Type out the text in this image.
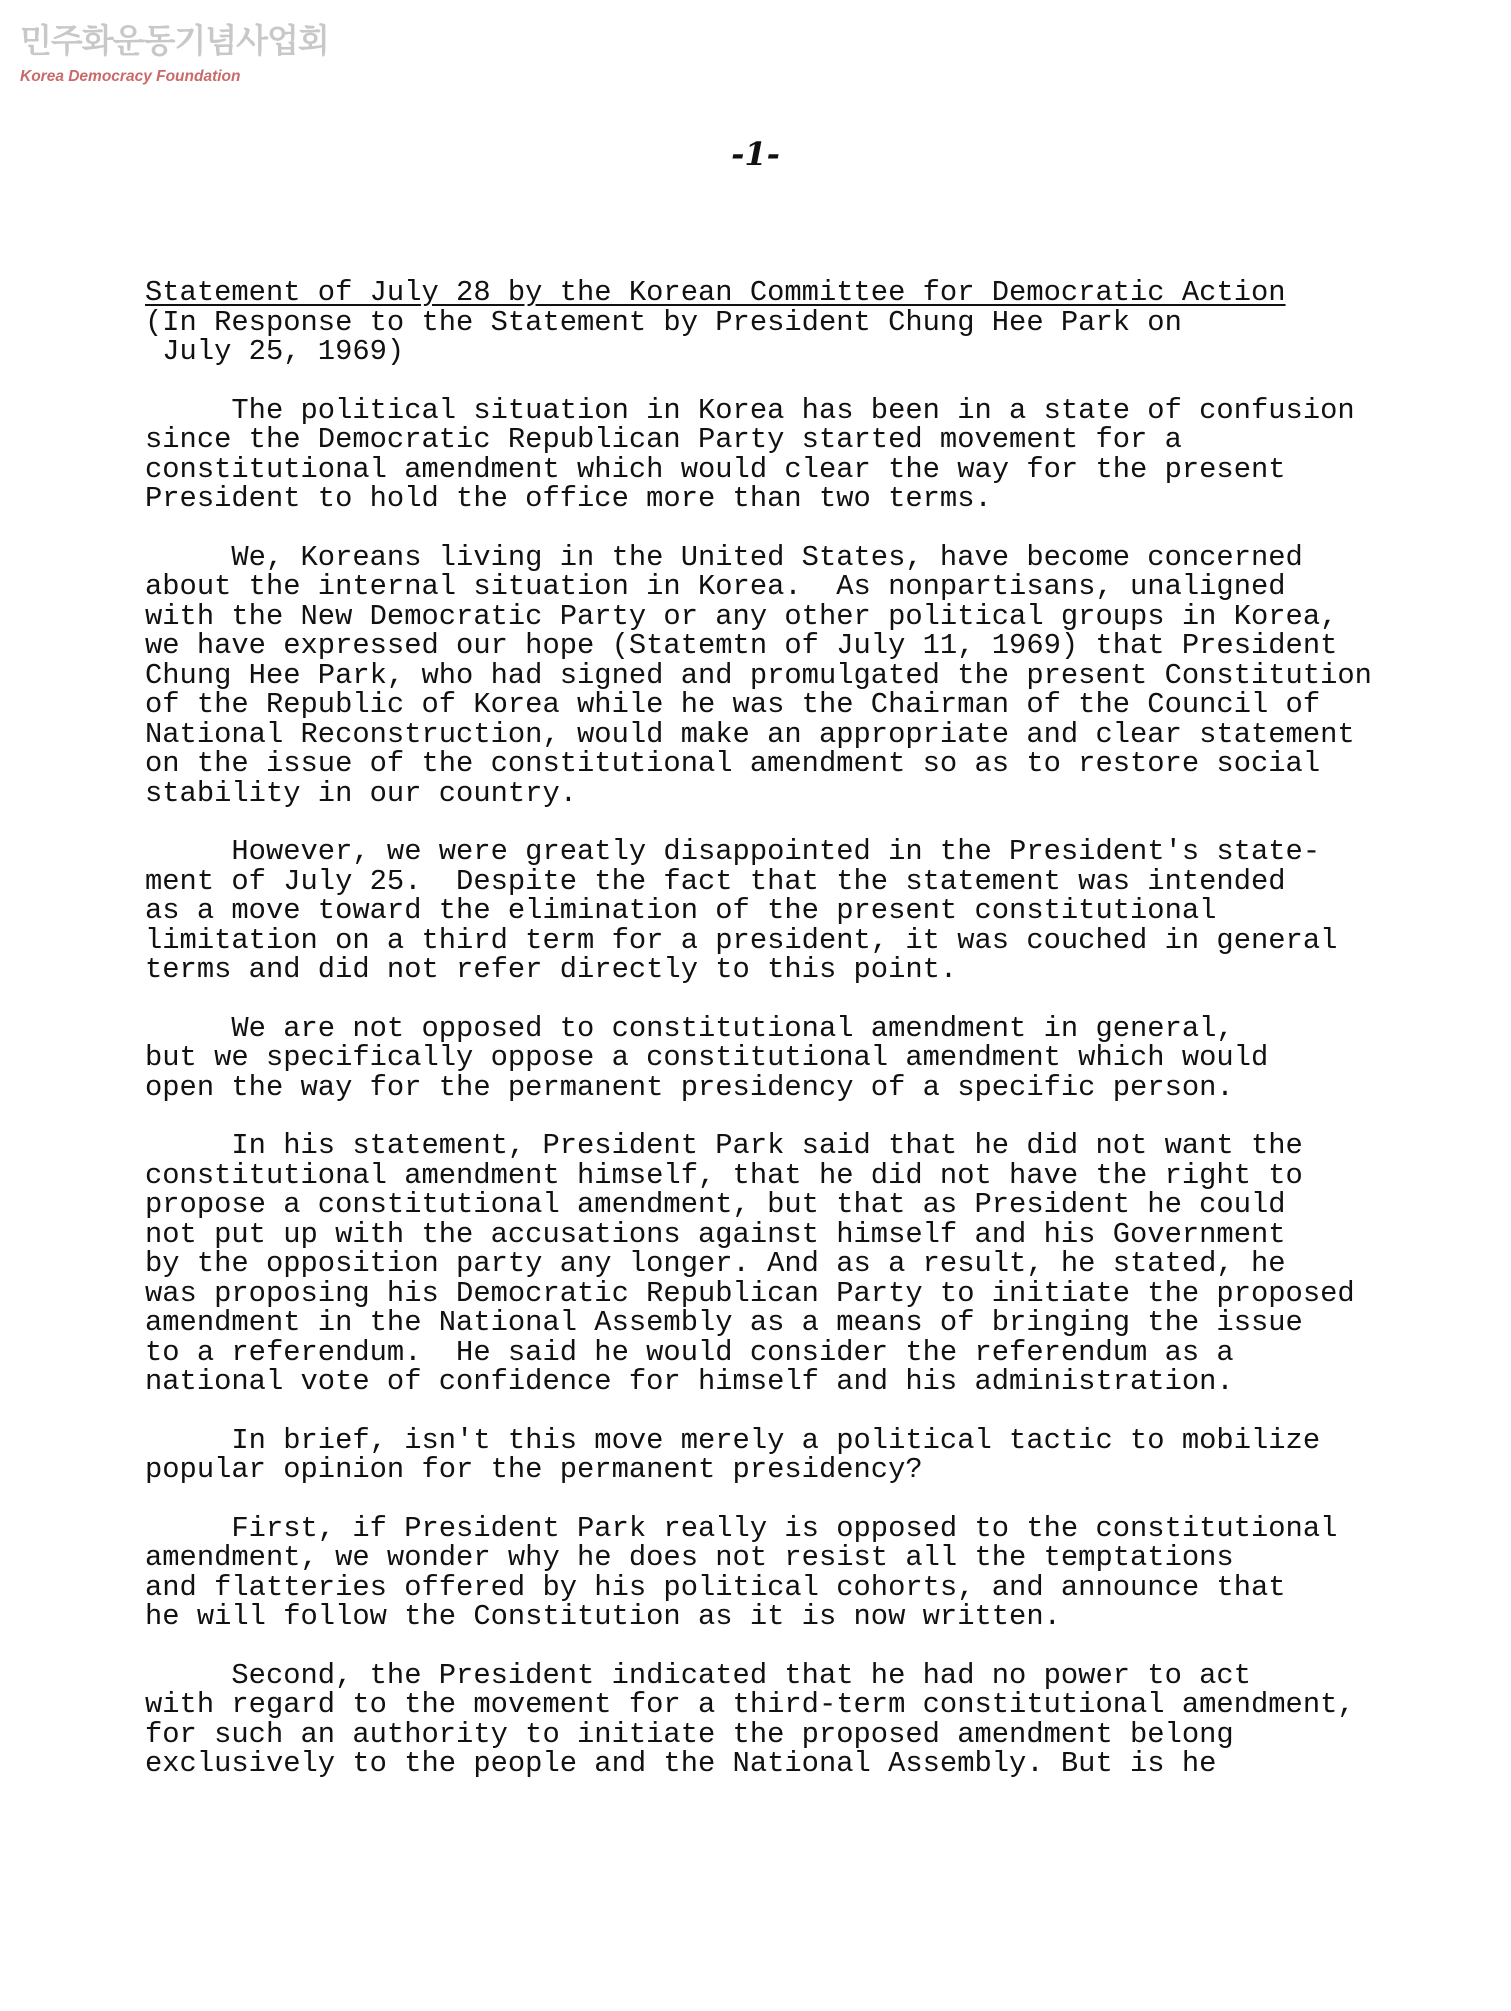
민주화운동기념사업회
Korea Democracy Foundation
-1-
Statement of July 28 by the Korean Committee for Democratic Action
(In Response to the Statement by President Chung Hee Park on
July 25, 1969)
The political situation in Korea has been in a state of confusion
since the Democratic Republican Party started movement for a
constitutional amendment which would clear the way for the present
President to hold the office more than two terms.
We, Koreans living in the United States, have become concerned
about the internal situation in Korea.  As nonpartisans, unaligned
with the New Democratic Party or any other political groups in Korea,
we have expressed our hope (Statemtn of July 11, 1969) that President
Chung Hee Park, who had signed and promulgated the present Constitution
of the Republic of Korea while he was the Chairman of the Council of
National Reconstruction, would make an appropriate and clear statement
on the issue of the constitutional amendment so as to restore social
stability in our country.
However, we were greatly disappointed in the President's state-
ment of July 25.  Despite the fact that the statement was intended
as a move toward the elimination of the present constitutional
limitation on a third term for a president, it was couched in general
terms and did not refer directly to this point.
We are not opposed to constitutional amendment in general,
but we specifically oppose a constitutional amendment which would
open the way for the permanent presidency of a specific person.
In his statement, President Park said that he did not want the
constitutional amendment himself, that he did not have the right to
propose a constitutional amendment, but that as President he could
not put up with the accusations against himself and his Government
by the opposition party any longer. And as a result, he stated, he
was proposing his Democratic Republican Party to initiate the proposed
amendment in the National Assembly as a means of bringing the issue
to a referendum.  He said he would consider the referendum as a
national vote of confidence for himself and his administration.
In brief, isn't this move merely a political tactic to mobilize
popular opinion for the permanent presidency?
First, if President Park really is opposed to the constitutional
amendment, we wonder why he does not resist all the temptations
and flatteries offered by his political cohorts, and announce that
he will follow the Constitution as it is now written.
Second, the President indicated that he had no power to act
with regard to the movement for a third-term constitutional amendment,
for such an authority to initiate the proposed amendment belong
exclusively to the people and the National Assembly. But is he
